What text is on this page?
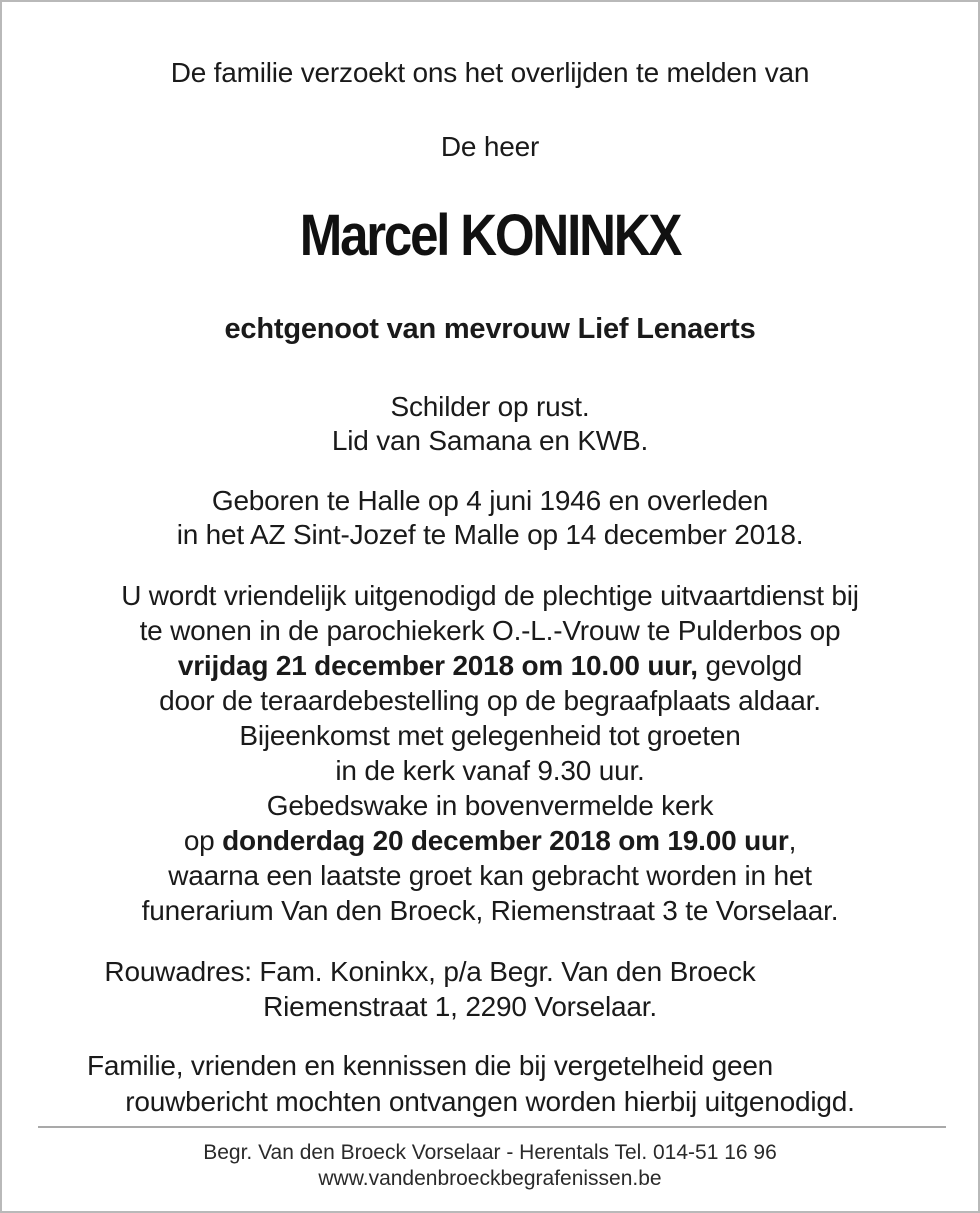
De familie verzoekt ons het overlijden te melden van
De heer
Marcel KONINKX
echtgenoot van mevrouw Lief Lenaerts
Schilder op rust.
Lid van Samana en KWB.
Geboren te Halle op 4 juni 1946 en overleden
in het AZ Sint-Jozef te Malle op 14 december 2018.
U wordt vriendelijk uitgenodigd de plechtige uitvaartdienst bij
te wonen in de parochiekerk O.-L.-Vrouw te Pulderbos op
vrijdag 21 december 2018 om 10.00 uur, gevolgd
door de teraardebestelling op de begraafplaats aldaar.
Bijeenkomst met gelegenheid tot groeten
in de kerk vanaf 9.30 uur.
Gebedswake in bovenvermelde kerk
op donderdag 20 december 2018 om 19.00 uur,
waarna een laatste groet kan gebracht worden in het
funerarium Van den Broeck, Riemenstraat 3 te Vorselaar.
Rouwadres: Fam. Koninkx, p/a Begr. Van den Broeck
Riemenstraat 1, 2290 Vorselaar.
Familie, vrienden en kennissen die bij vergetelheid geen
rouwbericht mochten ontvangen worden hierbij uitgenodigd.
Begr. Van den Broeck Vorselaar - Herentals Tel. 014-51 16 96
www.vandenbroeckbegrafenissen.be
